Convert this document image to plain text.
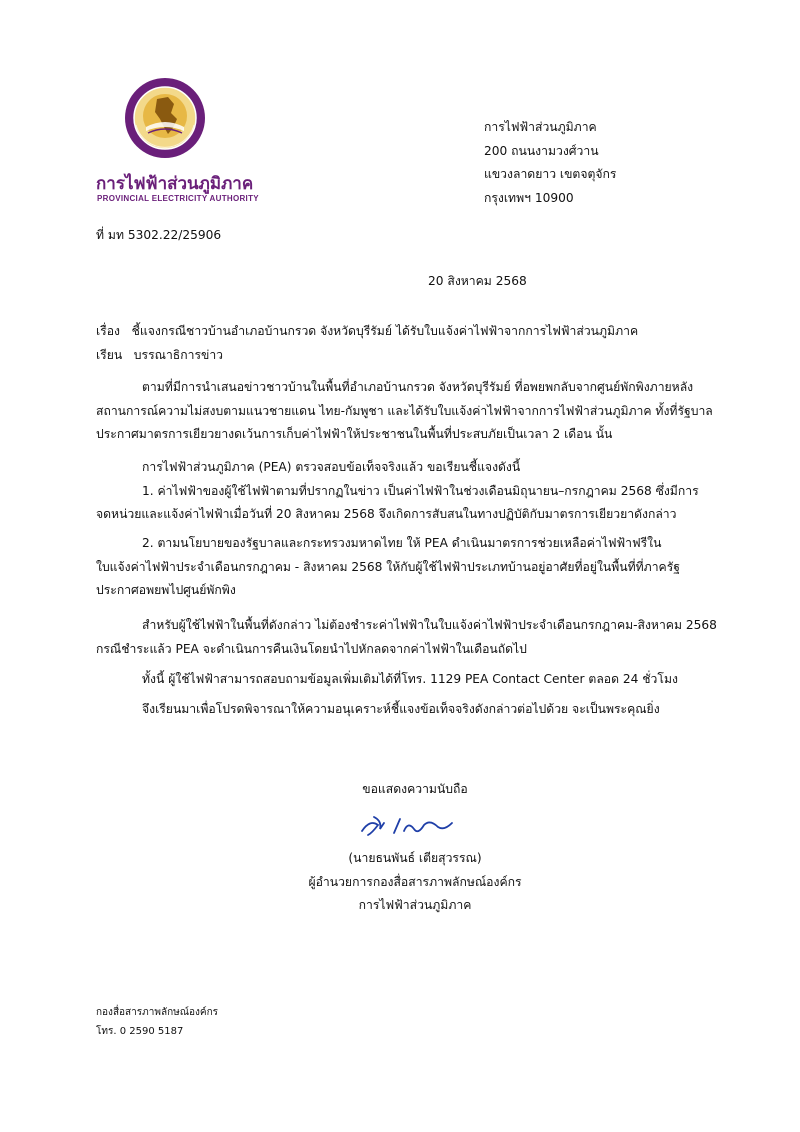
การไฟฟ้าส่วนภูมิภาค
PROVINCIAL ELECTRICITY AUTHORITY
การไฟฟ้าส่วนภูมิภาค
200 ถนนงามวงศ์วาน
แขวงลาดยาว เขตจตุจักร
กรุงเทพฯ 10900
ที่ มท 5302.22/25906
20 สิงหาคม 2568
เรื่อง   ชี้แจงกรณีชาวบ้านอำเภอบ้านกรวด จังหวัดบุรีรัมย์ ได้รับใบแจ้งค่าไฟฟ้าจากการไฟฟ้าส่วนภูมิภาค
เรียน   บรรณาธิการข่าว
ตามที่มีการนำเสนอข่าวชาวบ้านในพื้นที่อำเภอบ้านกรวด จังหวัดบุรีรัมย์ ที่อพยพกลับจากศูนย์พักพิงภายหลัง
สถานการณ์ความไม่สงบตามแนวชายแดน ไทย-กัมพูชา และได้รับใบแจ้งค่าไฟฟ้าจากการไฟฟ้าส่วนภูมิภาค ทั้งที่รัฐบาล
ประกาศมาตรการเยียวยางดเว้นการเก็บค่าไฟฟ้าให้ประชาชนในพื้นที่ประสบภัยเป็นเวลา 2 เดือน นั้น
การไฟฟ้าส่วนภูมิภาค (PEA) ตรวจสอบข้อเท็จจริงแล้ว ขอเรียนชี้แจงดังนี้
1. ค่าไฟฟ้าของผู้ใช้ไฟฟ้าตามที่ปรากฏในข่าว เป็นค่าไฟฟ้าในช่วงเดือนมิถุนายน–กรกฎาคม 2568 ซึ่งมีการ
จดหน่วยและแจ้งค่าไฟฟ้าเมื่อวันที่ 20 สิงหาคม 2568 จึงเกิดการสับสนในทางปฏิบัติกับมาตรการเยียวยาดังกล่าว
2. ตามนโยบายของรัฐบาลและกระทรวงมหาดไทย ให้ PEA ดำเนินมาตรการช่วยเหลือค่าไฟฟ้าฟรีใน
ใบแจ้งค่าไฟฟ้าประจำเดือนกรกฎาคม - สิงหาคม 2568 ให้กับผู้ใช้ไฟฟ้าประเภทบ้านอยู่อาศัยที่อยู่ในพื้นที่ที่ภาครัฐ
ประกาศอพยพไปศูนย์พักพิง
สำหรับผู้ใช้ไฟฟ้าในพื้นที่ดังกล่าว ไม่ต้องชำระค่าไฟฟ้าในใบแจ้งค่าไฟฟ้าประจำเดือนกรกฎาคม-สิงหาคม 2568
กรณีชำระแล้ว PEA จะดำเนินการคืนเงินโดยนำไปหักลดจากค่าไฟฟ้าในเดือนถัดไป
ทั้งนี้ ผู้ใช้ไฟฟ้าสามารถสอบถามข้อมูลเพิ่มเติมได้ที่โทร. 1129 PEA Contact Center ตลอด 24 ชั่วโมง
จึงเรียนมาเพื่อโปรดพิจารณาให้ความอนุเคราะห์ชี้แจงข้อเท็จจริงดังกล่าวต่อไปด้วย จะเป็นพระคุณยิ่ง
ขอแสดงความนับถือ
(นายธนพันธ์ เตียสุวรรณ)
ผู้อำนวยการกองสื่อสารภาพลักษณ์องค์กร
การไฟฟ้าส่วนภูมิภาค
กองสื่อสารภาพลักษณ์องค์กร
โทร. 0 2590 5187
